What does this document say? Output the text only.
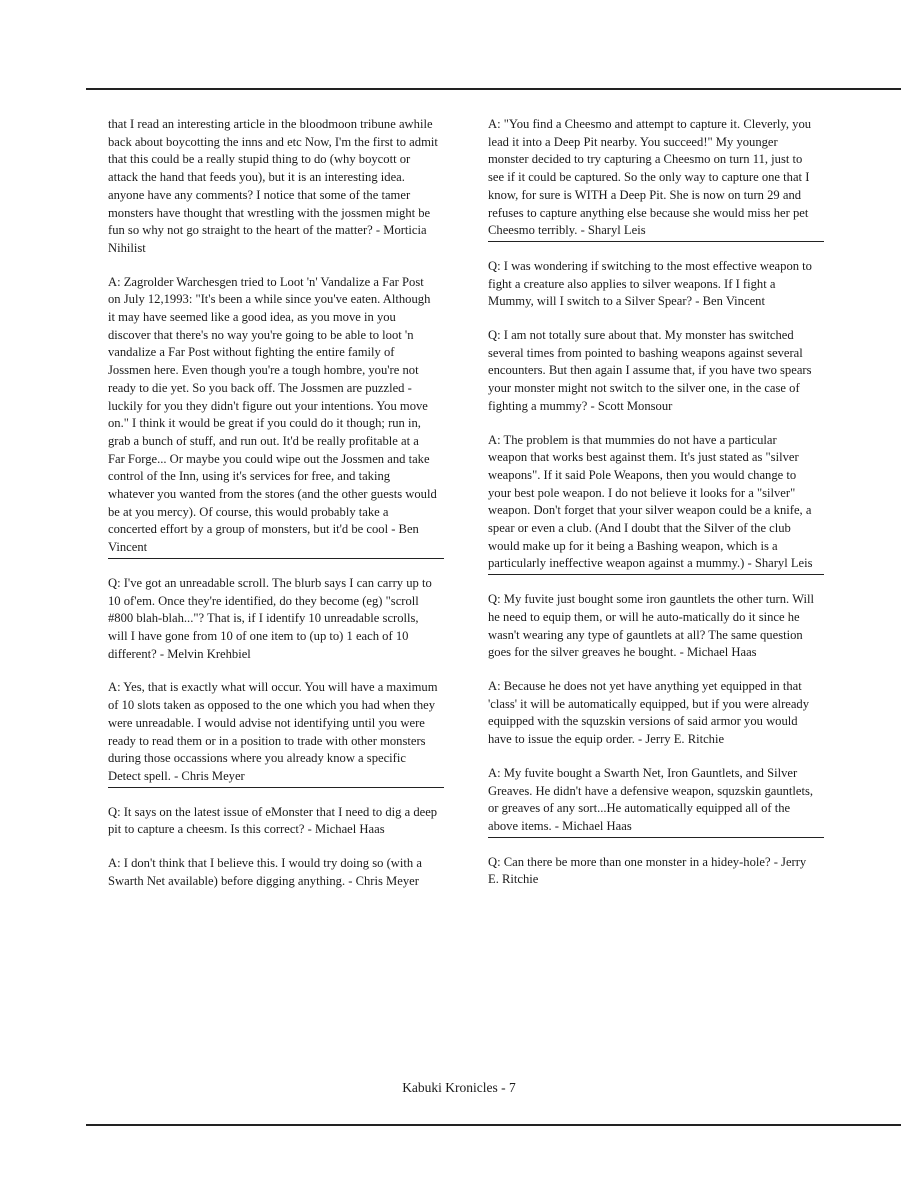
that I read an interesting article in the bloodmoon tribune awhile back about boycotting the inns and etc Now, I'm the first to admit that this could be a really stupid thing to do (why boycott or attack the hand that feeds you), but it is an interesting idea. anyone have any comments? I notice that some of the tamer monsters have thought that wrestling with the jossmen might be fun so why not go straight to the heart of the matter? - Morticia Nihilist

A: Zagrolder Warchesgen tried to Loot 'n' Vandalize a Far Post on July 12,1993: "It's been a while since you've eaten. Although it may have seemed like a good idea, as you move in you discover that there's no way you're going to be able to loot 'n vandalize a Far Post without fighting the entire family of Jossmen here. Even though you're a tough hombre, you're not ready to die yet. So you back off. The Jossmen are puzzled - luckily for you they didn't figure out your intentions. You move on." I think it would be great if you could do it though; run in, grab a bunch of stuff, and run out. It'd be really profitable at a Far Forge... Or maybe you could wipe out the Jossmen and take control of the Inn, using it's services for free, and taking whatever you wanted from the stores (and the other guests would be at you mercy). Of course, this would probably take a concerted effort by a group of monsters, but it'd be cool - Ben Vincent

Q: I've got an unreadable scroll. The blurb says I can carry up to 10 of'em. Once they're identified, do they become (eg) "scroll #800 blah-blah..."? That is, if I identify 10 unreadable scrolls, will I have gone from 10 of one item to (up to) 1 each of 10 different? - Melvin Krehbiel

A: Yes, that is exactly what will occur. You will have a maximum of 10 slots taken as opposed to the one which you had when they were unreadable. I would advise not identifying until you were ready to read them or in a position to trade with other monsters during those occassions where you already know a specific Detect spell. - Chris Meyer

Q: It says on the latest issue of eMonster that I need to dig a deep pit to capture a cheesm. Is this correct? - Michael Haas

A: I don't think that I believe this. I would try doing so (with a Swarth Net available) before digging anything. - Chris Meyer

A: "You find a Cheesmo and attempt to capture it. Cleverly, you lead it into a Deep Pit nearby. You succeed!" My younger monster decided to try capturing a Cheesmo on turn 11, just to see if it could be captured. So the only way to capture one that I know, for sure is WITH a Deep Pit. She is now on turn 29 and refuses to capture anything else because she would miss her pet Cheesmo terribly. - Sharyl Leis

Q: I was wondering if switching to the most effective weapon to fight a creature also applies to silver weapons. If I fight a Mummy, will I switch to a Silver Spear? - Ben Vincent

Q: I am not totally sure about that. My monster has switched several times from pointed to bashing weapons against several encounters. But then again I assume that, if you have two spears your monster might not switch to the silver one, in the case of fighting a mummy? - Scott Monsour

A: The problem is that mummies do not have a particular weapon that works best against them. It's just stated as "silver weapons". If it said Pole Weapons, then you would change to your best pole weapon. I do not believe it looks for a "silver" weapon. Don't forget that your silver weapon could be a knife, a spear or even a club. (And I doubt that the Silver of the club would make up for it being a Bashing weapon, which is a particularly ineffective weapon against a mummy.) - Sharyl Leis

Q: My fuvite just bought some iron gauntlets the other turn. Will he need to equip them, or will he auto-matically do it since he wasn't wearing any type of gauntlets at all? The same question goes for the silver greaves he bought. - Michael Haas

A: Because he does not yet have anything yet equipped in that 'class' it will be automatically equipped, but if you were already equipped with the squzskin versions of said armor you would have to issue the equip order. - Jerry E. Ritchie

A: My fuvite bought a Swarth Net, Iron Gauntlets, and Silver Greaves. He didn't have a defensive weapon, squzskin gauntlets, or greaves of any sort...He automatically equipped all of the above items. - Michael Haas

Q: Can there be more than one monster in a hidey-hole? - Jerry E. Ritchie

Kabuki Kronicles - 7
